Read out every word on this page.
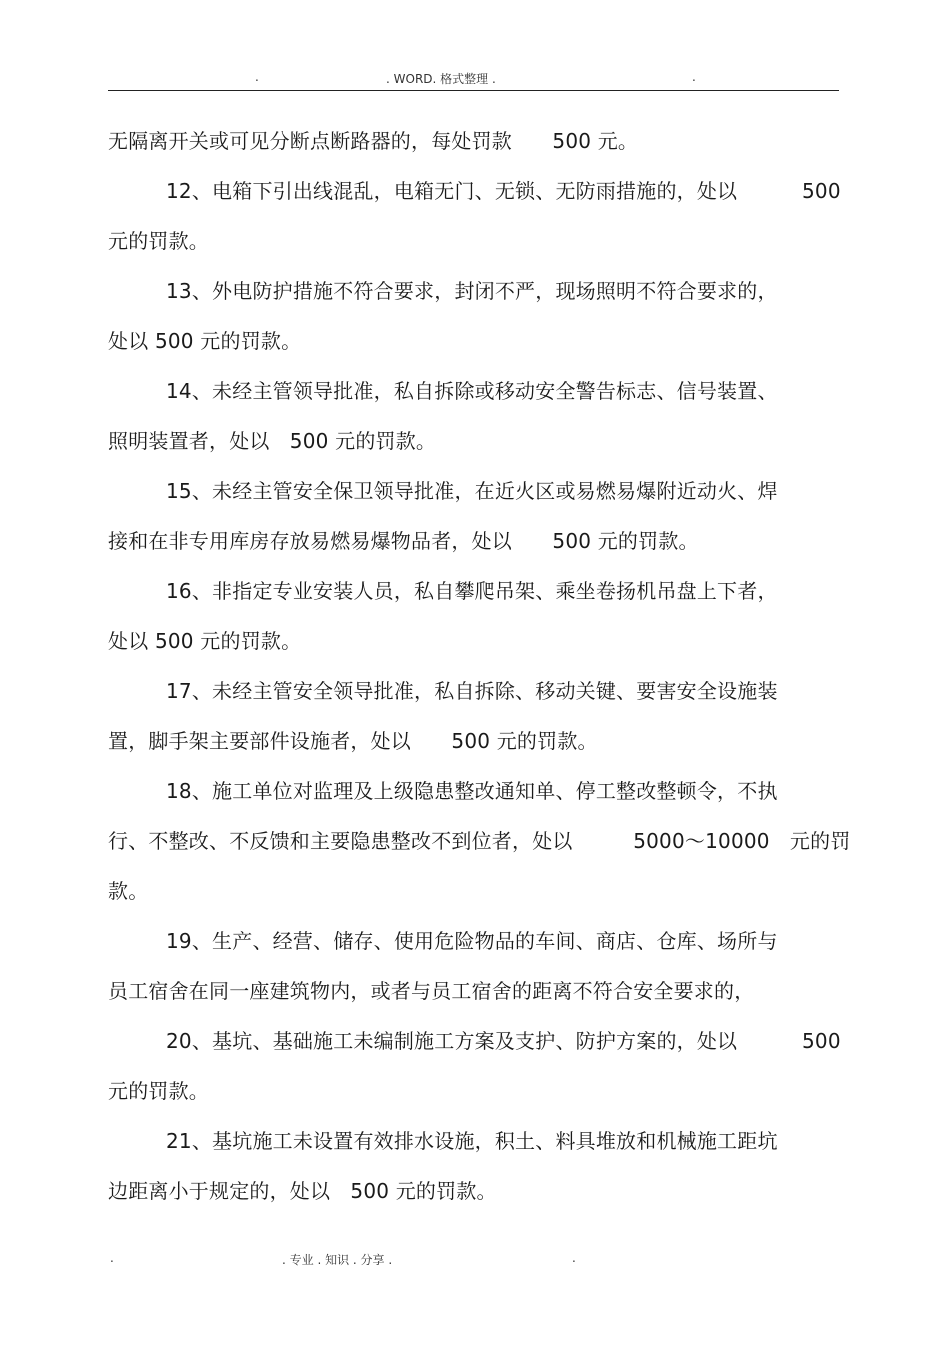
.	. WORD. 格式整理 .	.
无隔离开关或可见分断点断路器的，每处罚款　　500 元。
12、电箱下引出线混乱，电箱无门、无锁、无防雨措施的，处以	500
元的罚款。
13、外电防护措施不符合要求，封闭不严，现场照明不符合要求的，
处以 500 元的罚款。
14、未经主管领导批准，私自拆除或移动安全警告标志、信号装置、
照明装置者，处以　500 元的罚款。
15、未经主管安全保卫领导批准，在近火区或易燃易爆附近动火、焊
接和在非专用库房存放易燃易爆物品者，处以　　500 元的罚款。
16、非指定专业安装人员，私自攀爬吊架、乘坐卷扬机吊盘上下者，
处以 500 元的罚款。
17、未经主管安全领导批准，私自拆除、移动关键、要害安全设施装
置，脚手架主要部件设施者，处以　　500 元的罚款。
18、施工单位对监理及上级隐患整改通知单、停工整改整顿令，不执
行、不整改、不反馈和主要隐患整改不到位者，处以　　　5000～10000　元的罚
款。
19、生产、经营、储存、使用危险物品的车间、商店、仓库、场所与
员工宿舍在同一座建筑物内，或者与员工宿舍的距离不符合安全要求的，
20、基坑、基础施工未编制施工方案及支护、防护方案的，处以	500
元的罚款。
21、基坑施工未设置有效排水设施，积土、料具堆放和机械施工距坑
边距离小于规定的，处以　500 元的罚款。
.	. 专业 . 知识 . 分享 .	.
